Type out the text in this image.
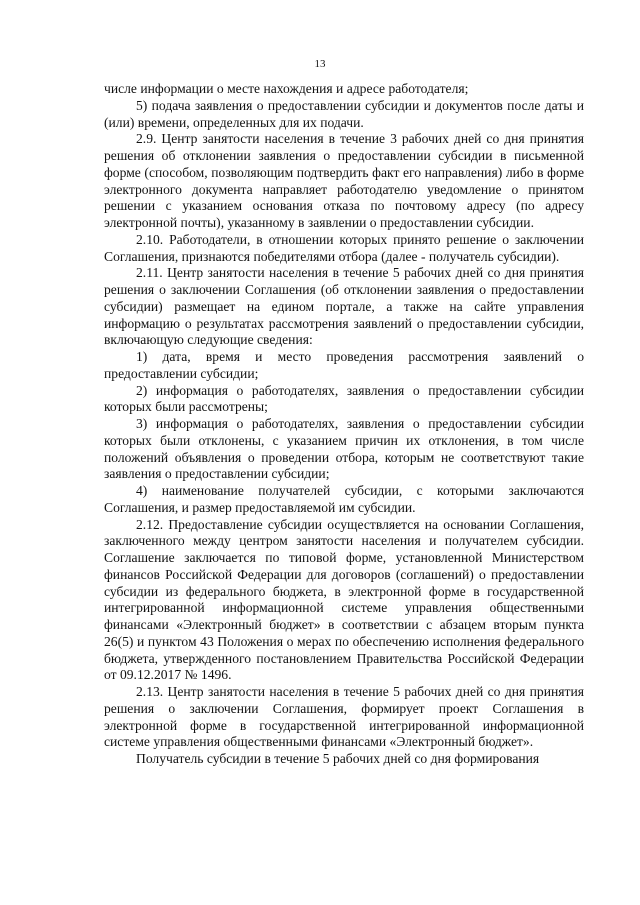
13

числе информации о месте нахождения и адресе работодателя;

5) подача заявления о предоставлении субсидии и документов после даты и (или) времени, определенных для их подачи.

2.9. Центр занятости населения в течение 3 рабочих дней со дня принятия решения об отклонении заявления о предоставлении субсидии в письменной форме (способом, позволяющим подтвердить факт его направления) либо в форме электронного документа направляет работодателю уведомление о принятом решении с указанием основания отказа по почтовому адресу (по адресу электронной почты), указанному в заявлении о предоставлении субсидии.

2.10. Работодатели, в отношении которых принято решение о заключении Соглашения, признаются победителями отбора (далее - получатель субсидии).

2.11. Центр занятости населения в течение 5 рабочих дней со дня принятия решения о заключении Соглашения (об отклонении заявления о предоставлении субсидии) размещает на едином портале, а также на сайте управления информацию о результатах рассмотрения заявлений о предоставлении субсидии, включающую следующие сведения:

1) дата, время и место проведения рассмотрения заявлений о предоставлении субсидии;

2) информация о работодателях, заявления о предоставлении субсидии которых были рассмотрены;

3) информация о работодателях, заявления о предоставлении субсидии которых были отклонены, с указанием причин их отклонения, в том числе положений объявления о проведении отбора, которым не соответствуют такие заявления о предоставлении субсидии;

4) наименование получателей субсидии, с которыми заключаются Соглашения, и размер предоставляемой им субсидии.

2.12. Предоставление субсидии осуществляется на основании Соглашения, заключенного между центром занятости населения и получателем субсидии. Соглашение заключается по типовой форме, установленной Министерством финансов Российской Федерации для договоров (соглашений) о предоставлении субсидии из федерального бюджета, в электронной форме в государственной интегрированной информационной системе управления общественными финансами «Электронный бюджет» в соответствии с абзацем вторым пункта 26(5) и пунктом 43 Положения о мерах по обеспечению исполнения федерального бюджета, утвержденного постановлением Правительства Российской Федерации от 09.12.2017 № 1496.

2.13. Центр занятости населения в течение 5 рабочих дней со дня принятия решения о заключении Соглашения, формирует проект Соглашения в электронной форме в государственной интегрированной информационной системе управления общественными финансами «Электронный бюджет».

Получатель субсидии в течение 5 рабочих дней со дня формирования
